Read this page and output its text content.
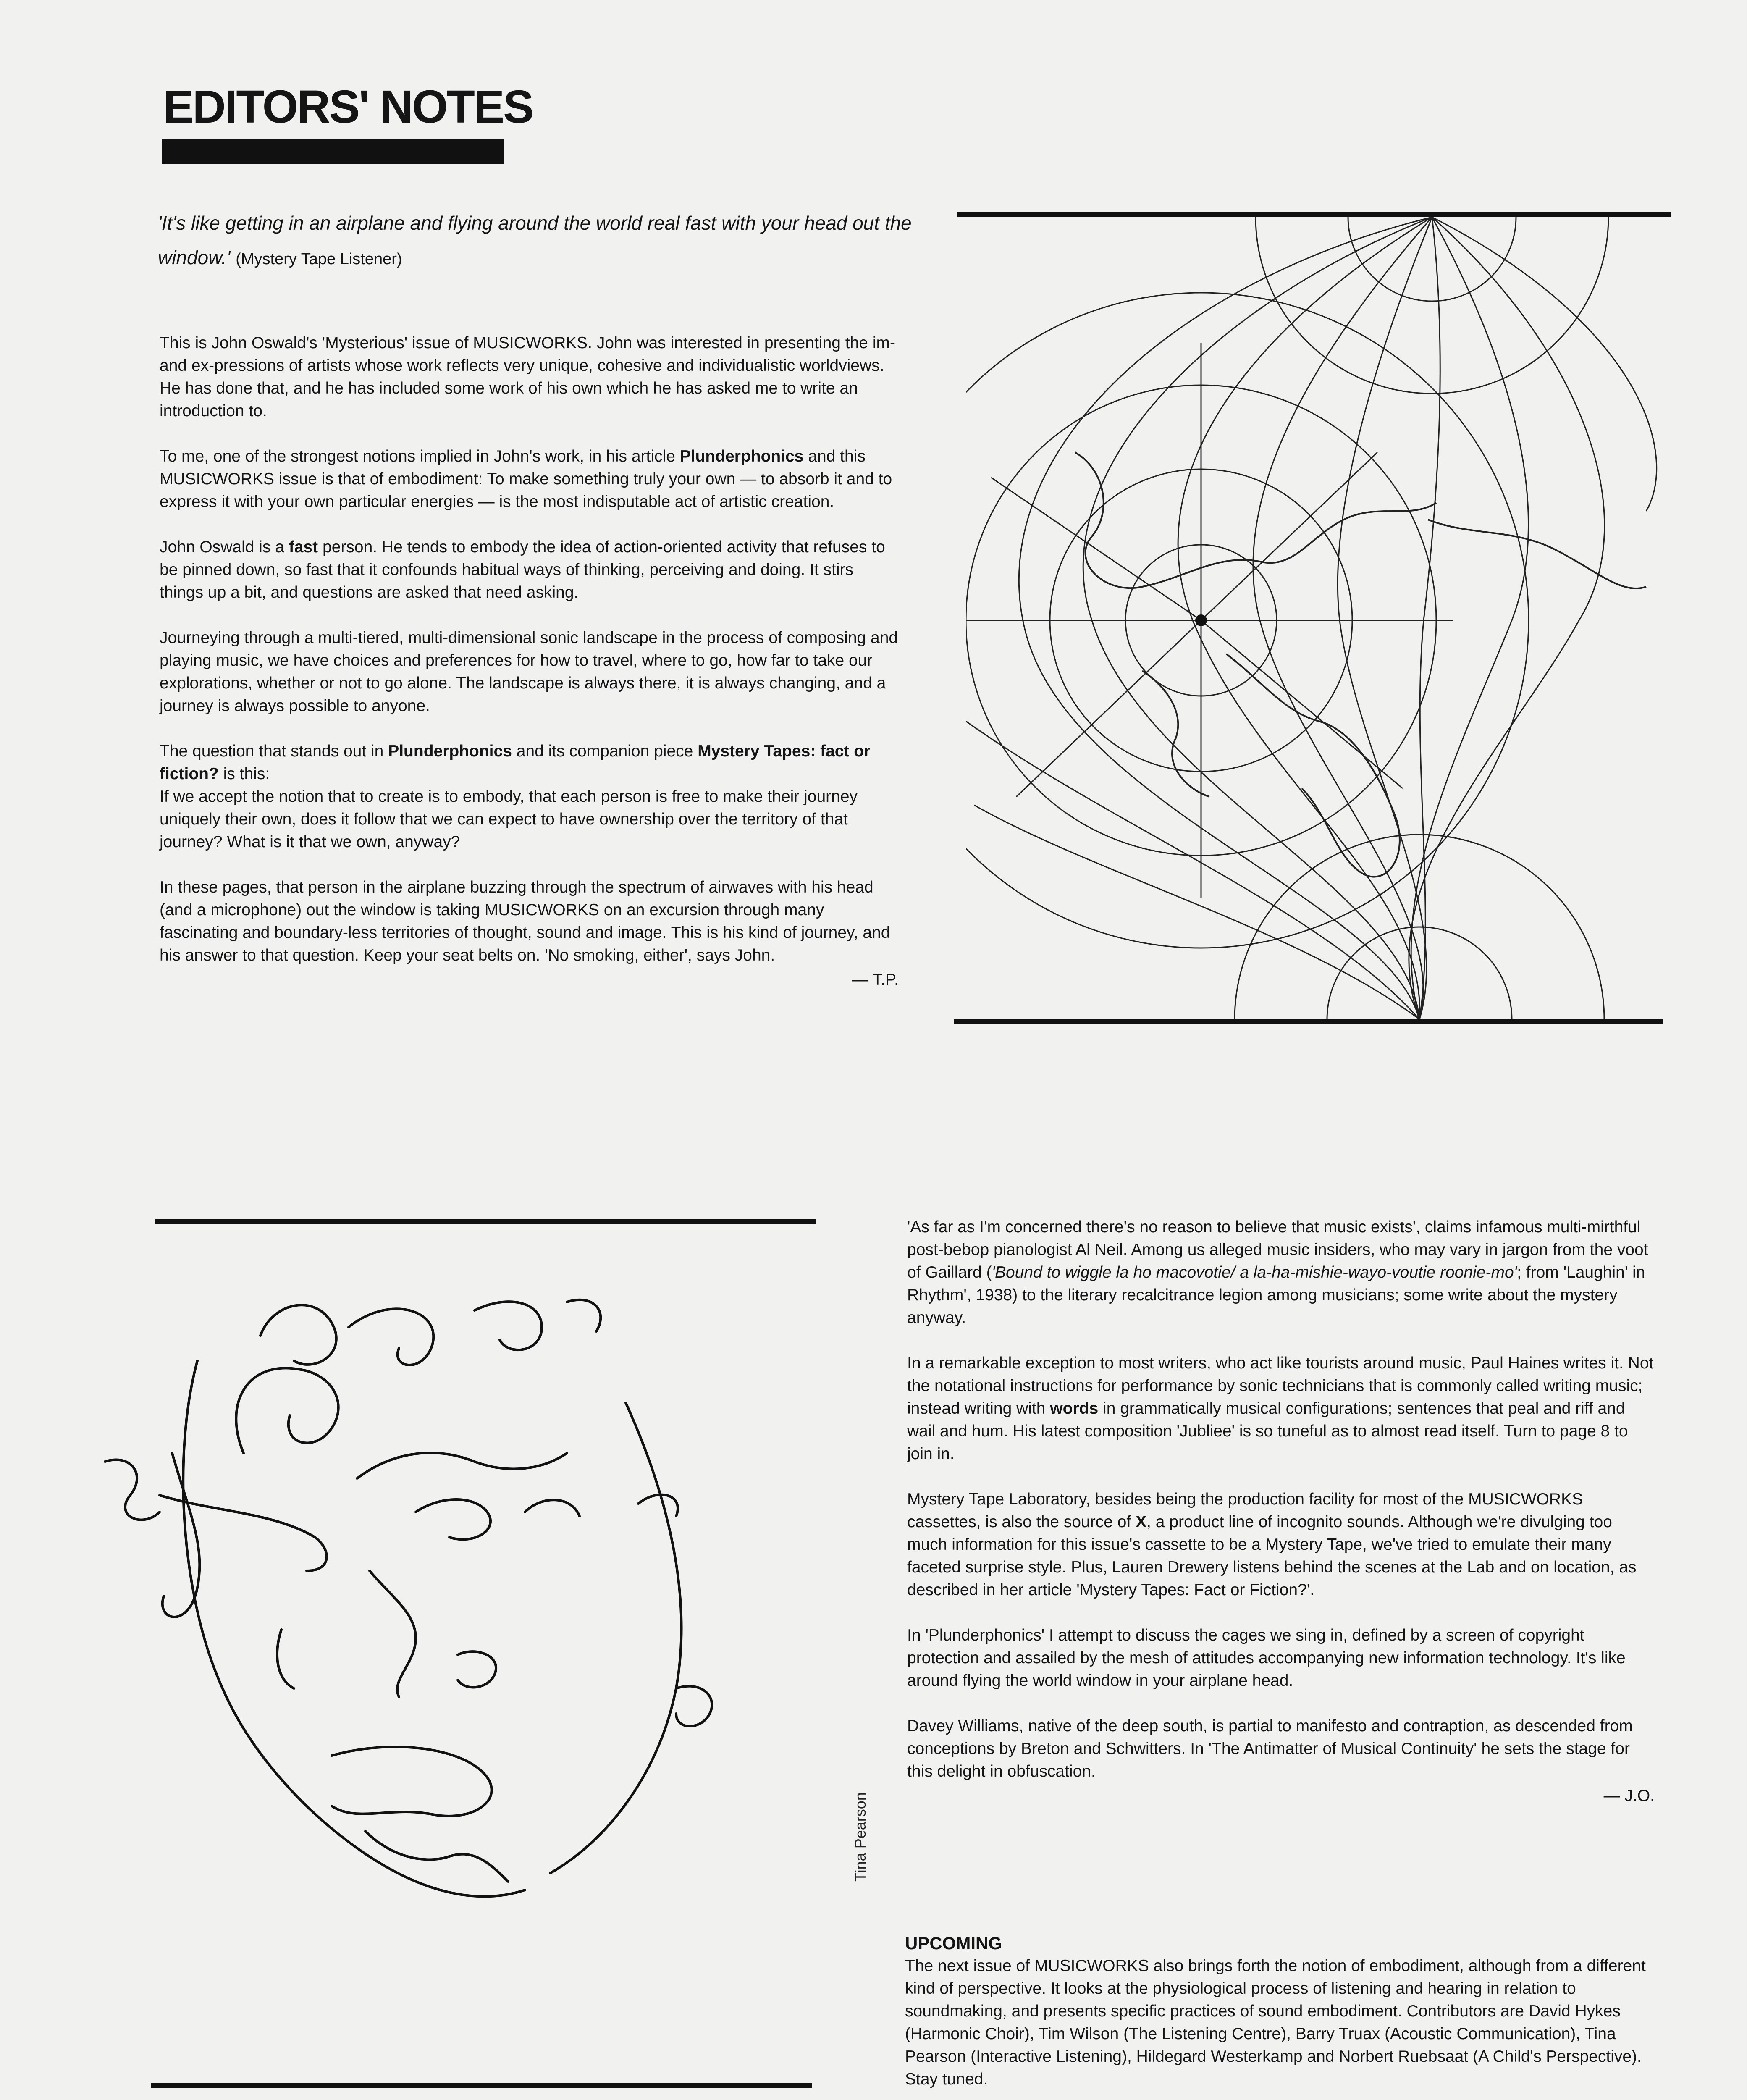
EDITORS' NOTES
'It's like getting in an airplane and flying around the world real fast with your head out the window.' (Mystery Tape Listener)

This is John Oswald's 'Mysterious' issue of MUSICWORKS. John was interested in presenting the im- and ex-pressions of artists whose work reflects very unique, cohesive and individualistic worldviews. He has done that, and he has included some work of his own which he has asked me to write an introduction to.

To me, one of the strongest notions implied in John's work, in his article Plunderphonics and this MUSICWORKS issue is that of embodiment: To make something truly your own — to absorb it and to express it with your own particular energies — is the most indisputable act of artistic creation.

John Oswald is a fast person. He tends to embody the idea of action-oriented activity that refuses to be pinned down, so fast that it confounds habitual ways of thinking, perceiving and doing. It stirs things up a bit, and questions are asked that need asking.

Journeying through a multi-tiered, multi-dimensional sonic landscape in the process of composing and playing music, we have choices and preferences for how to travel, where to go, how far to take our explorations, whether or not to go alone. The landscape is always there, it is always changing, and a journey is always possible to anyone.

The question that stands out in Plunderphonics and its companion piece Mystery Tapes: fact or fiction? is this:
If we accept the notion that to create is to embody, that each person is free to make their journey uniquely their own, does it follow that we can expect to have ownership over the territory of that journey? What is it that we own, anyway?

In these pages, that person in the airplane buzzing through the spectrum of airwaves with his head (and a microphone) out the window is taking MUSICWORKS on an excursion through many fascinating and boundary-less territories of thought, sound and image. This is his kind of journey, and his answer to that question. Keep your seat belts on. 'No smoking, either', says John.

— T.P.

Tina Pearson

'As far as I'm concerned there's no reason to believe that music exists', claims infamous multi-mirthful post-bebop pianologist Al Neil. Among us alleged music insiders, who may vary in jargon from the voot of Gaillard ('Bound to wiggle la ho macovotie/ a la-ha-mishie-wayo-voutie roonie-mo'; from 'Laughin' in Rhythm', 1938) to the literary recalcitrance legion among musicians; some write about the mystery anyway.

In a remarkable exception to most writers, who act like tourists around music, Paul Haines writes it. Not the notational instructions for performance by sonic technicians that is commonly called writing music; instead writing with words in grammatically musical configurations; sentences that peal and riff and wail and hum. His latest composition 'Jubliee' is so tuneful as to almost read itself. Turn to page 8 to join in.

Mystery Tape Laboratory, besides being the production facility for most of the MUSICWORKS cassettes, is also the source of X, a product line of incognito sounds. Although we're divulging too much information for this issue's cassette to be a Mystery Tape, we've tried to emulate their many faceted surprise style. Plus, Lauren Drewery listens behind the scenes at the Lab and on location, as described in her article 'Mystery Tapes: Fact or Fiction?'.

In 'Plunderphonics' I attempt to discuss the cages we sing in, defined by a screen of copyright protection and assailed by the mesh of attitudes accompanying new information technology. It's like around flying the world window in your airplane head.

Davey Williams, native of the deep south, is partial to manifesto and contraption, as descended from conceptions by Breton and Schwitters. In 'The Antimatter of Musical Continuity' he sets the stage for this delight in obfuscation.

— J.O.

UPCOMING
The next issue of MUSICWORKS also brings forth the notion of embodiment, although from a different kind of perspective. It looks at the physiological process of listening and hearing in relation to soundmaking, and presents specific practices of sound embodiment. Contributors are David Hykes (Harmonic Choir), Tim Wilson (The Listening Centre), Barry Truax (Acoustic Communication), Tina Pearson (Interactive Listening), Hildegard Westerkamp and Norbert Ruebsaat (A Child's Perspective). Stay tuned.
